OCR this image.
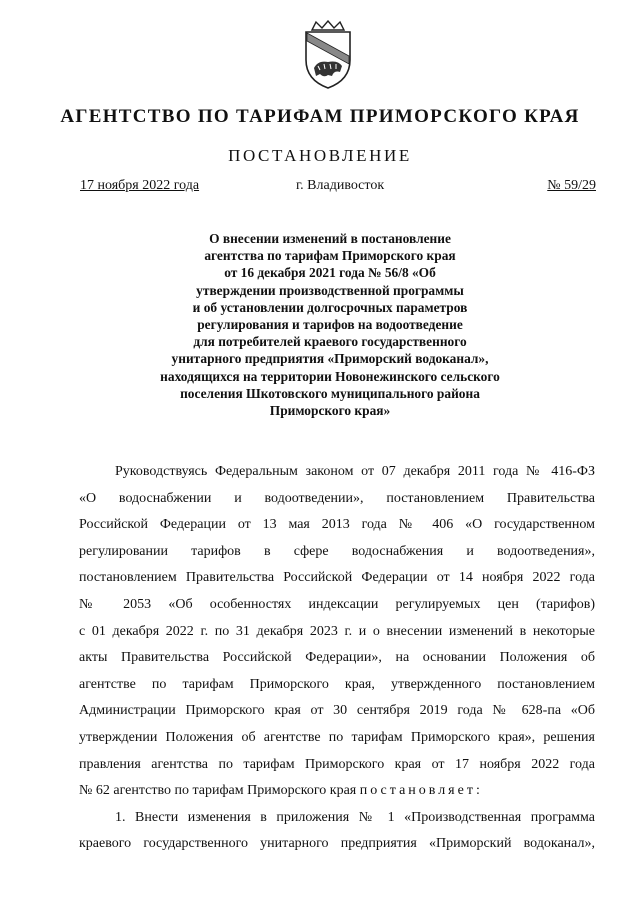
АГЕНТСТВО ПО ТАРИФАМ ПРИМОРСКОГО КРАЯ
ПОСТАНОВЛЕНИЕ
17 ноября 2022 года	г. Владивосток	№ 59/29
О внесении изменений в постановление
агентства по тарифам Приморского края
от 16 декабря 2021 года № 56/8 «Об
утверждении производственной программы
и об установлении долгосрочных параметров
регулирования и тарифов на водоотведение
для потребителей краевого государственного
унитарного предприятия «Приморский водоканал»,
находящихся на территории Новонежинского сельского
поселения Шкотовского муниципального района
Приморского края»
Руководствуясь Федеральным законом от 07 декабря 2011 года № 416-ФЗ
«О водоснабжении и водоотведении», постановлением Правительства
Российской Федерации от 13 мая 2013 года № 406 «О государственном
регулировании тарифов в сфере водоснабжения и водоотведения»,
постановлением Правительства Российской Федерации от 14 ноября 2022 года
№ 2053 «Об особенностях индексации регулируемых цен (тарифов)
с 01 декабря 2022 г. по 31 декабря 2023 г. и о внесении изменений в некоторые
акты Правительства Российской Федерации», на основании Положения об
агентстве по тарифам Приморского края, утвержденного постановлением
Администрации Приморского края от 30 сентября 2019 года № 628-па «Об
утверждении Положения об агентстве по тарифам Приморского края», решения
правления агентства по тарифам Приморского края от 17 ноября 2022 года
№ 62 агентство по тарифам Приморского края постановляет:
1. Внести изменения в приложения № 1 «Производственная программа
краевого государственного унитарного предприятия «Приморский водоканал»,
